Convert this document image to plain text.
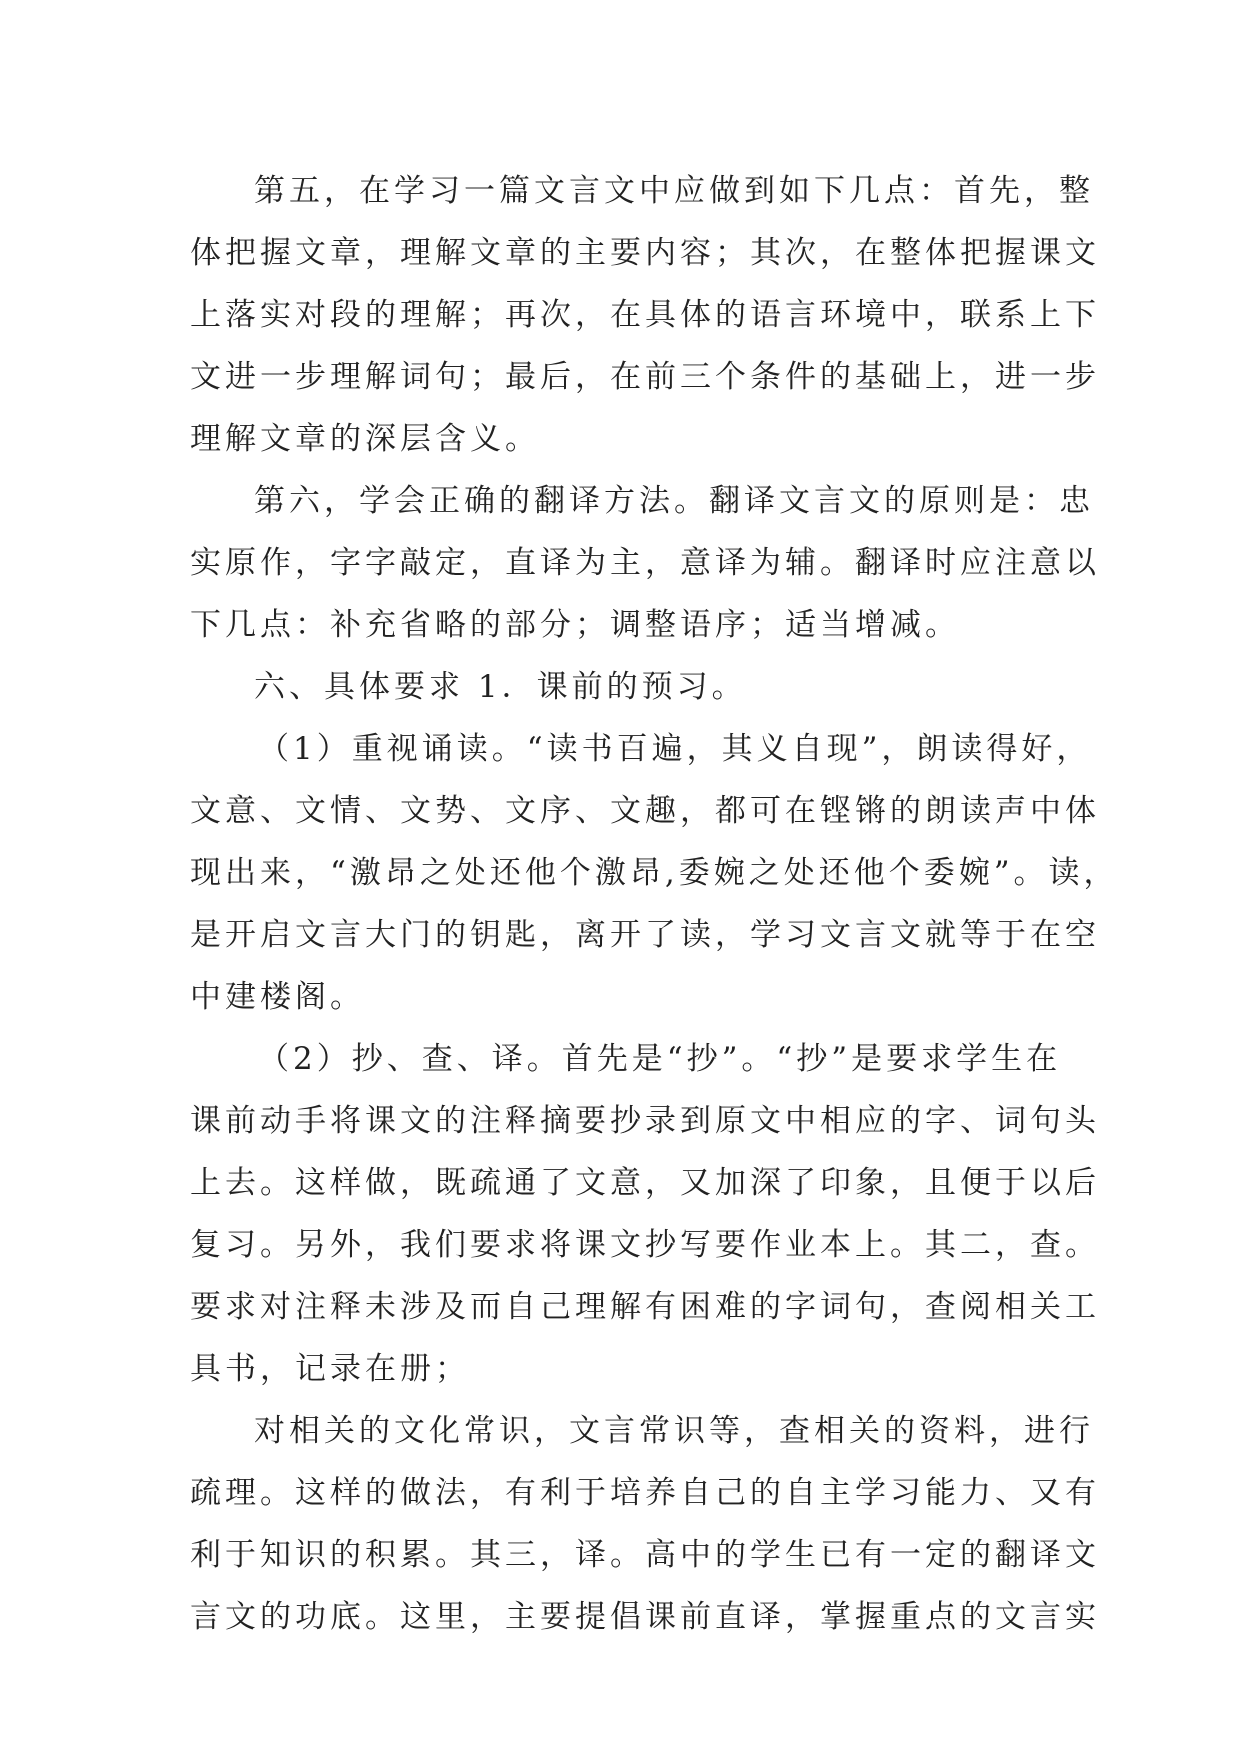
第五，在学习一篇文言文中应做到如下几点：首先，整
体把握文章，理解文章的主要内容；其次，在整体把握课文
上落实对段的理解；再次，在具体的语言环境中，联系上下
文进一步理解词句；最后，在前三个条件的基础上，进一步
理解文章的深层含义。
第六，学会正确的翻译方法。翻译文言文的原则是：忠
实原作，字字敲定，直译为主，意译为辅。翻译时应注意以
下几点：补充省略的部分；调整语序；适当增减。
六、具体要求 1．课前的预习。
（1）重视诵读。“读书百遍，其义自现”，朗读得好，
文意、文情、文势、文序、文趣，都可在铿锵的朗读声中体
现出来，“激昂之处还他个激昂,委婉之处还他个委婉”。读，
是开启文言大门的钥匙，离开了读，学习文言文就等于在空
中建楼阁。
（2）抄、查、译。首先是“抄”。“抄”是要求学生在
课前动手将课文的注释摘要抄录到原文中相应的字、词句头
上去。这样做，既疏通了文意，又加深了印象，且便于以后
复习。另外，我们要求将课文抄写要作业本上。其二，查。
要求对注释未涉及而自己理解有困难的字词句，查阅相关工
具书，记录在册；
对相关的文化常识，文言常识等，查相关的资料，进行
疏理。这样的做法，有利于培养自己的自主学习能力、又有
利于知识的积累。其三，译。高中的学生已有一定的翻译文
言文的功底。这里，主要提倡课前直译，掌握重点的文言实
